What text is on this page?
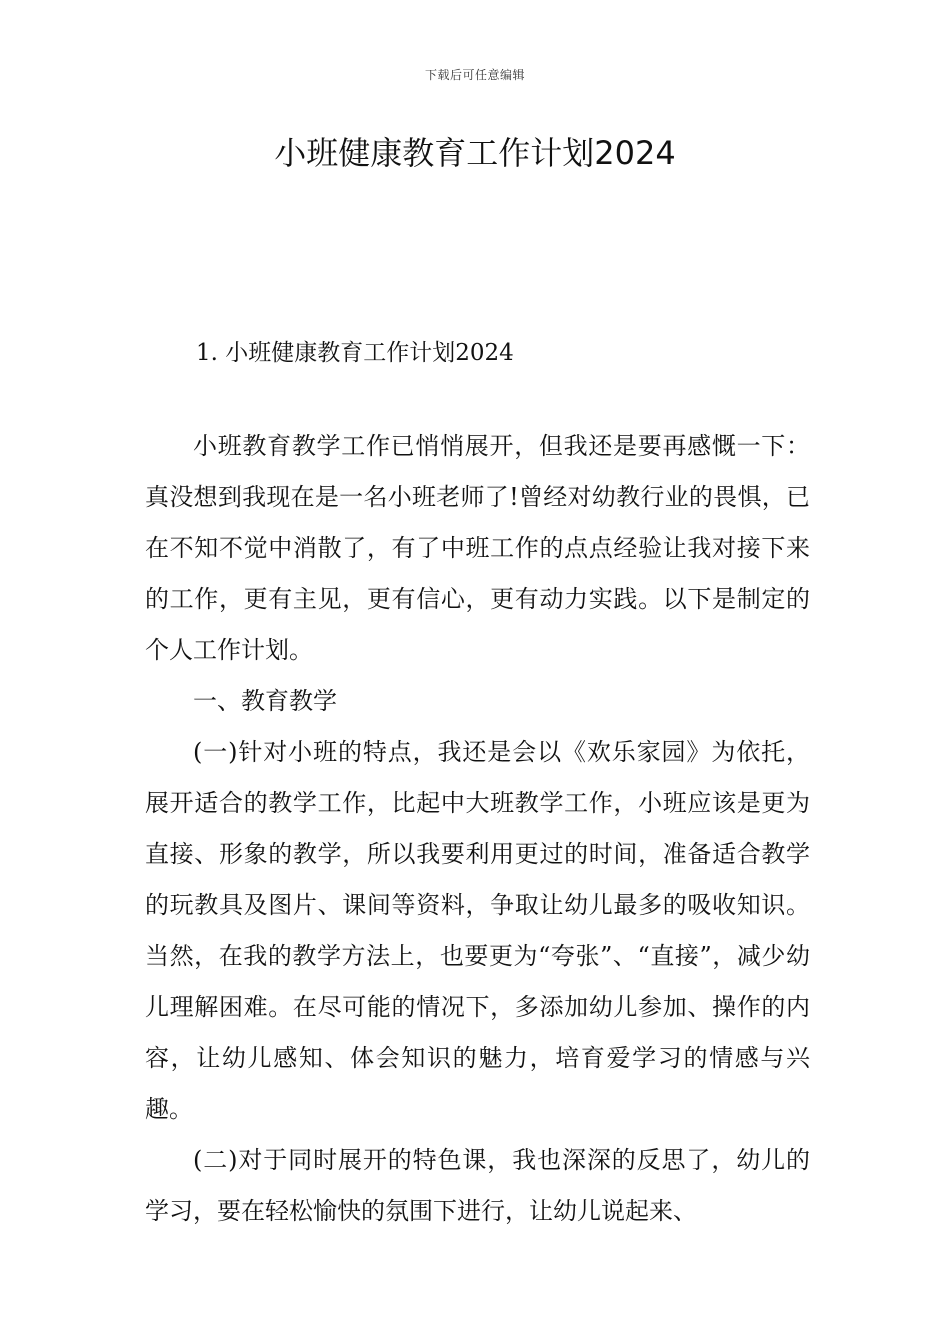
下载后可任意编辑
小班健康教育工作计划2024
1. 小班健康教育工作计划2024

小班教育教学工作已悄悄展开，但我还是要再感慨一下：真没想到我现在是一名小班老师了!曾经对幼教行业的畏惧，已在不知不觉中消散了，有了中班工作的点点经验让我对接下来的工作，更有主见，更有信心，更有动力实践。以下是制定的个人工作计划。

一、教育教学

(一)针对小班的特点，我还是会以《欢乐家园》为依托，展开适合的教学工作，比起中大班教学工作，小班应该是更为直接、形象的教学，所以我要利用更过的时间，准备适合教学的玩教具及图片、课间等资料，争取让幼儿最多的吸收知识。当然，在我的教学方法上，也要更为“夸张”、“直接”，减少幼儿理解困难。在尽可能的情况下，多添加幼儿参加、操作的内容，让幼儿感知、体会知识的魅力，培育爱学习的情感与兴趣。

(二)对于同时展开的特色课，我也深深的反思了，幼儿的学习，要在轻松愉快的氛围下进行，让幼儿说起来、
